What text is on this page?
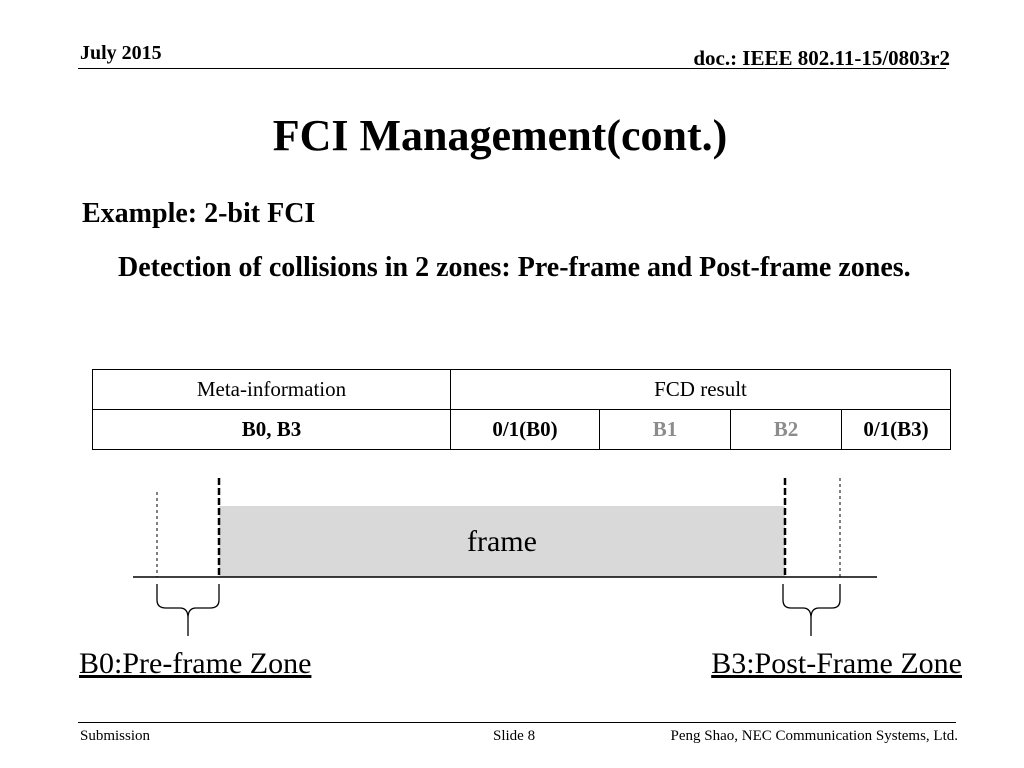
July 2015	doc.: IEEE 802.11-15/0803r2
FCI Management(cont.)
Example: 2-bit FCI
Detection of collisions in 2 zones: Pre-frame and Post-frame zones.
Meta-information	FCD result			
B0, B3	0/1(B0)	B1	B2	0/1(B3)
frame
B0:Pre-frame Zone	B3:Post-Frame Zone
Submission	Slide 8	Peng Shao, NEC Communication Systems, Ltd.
